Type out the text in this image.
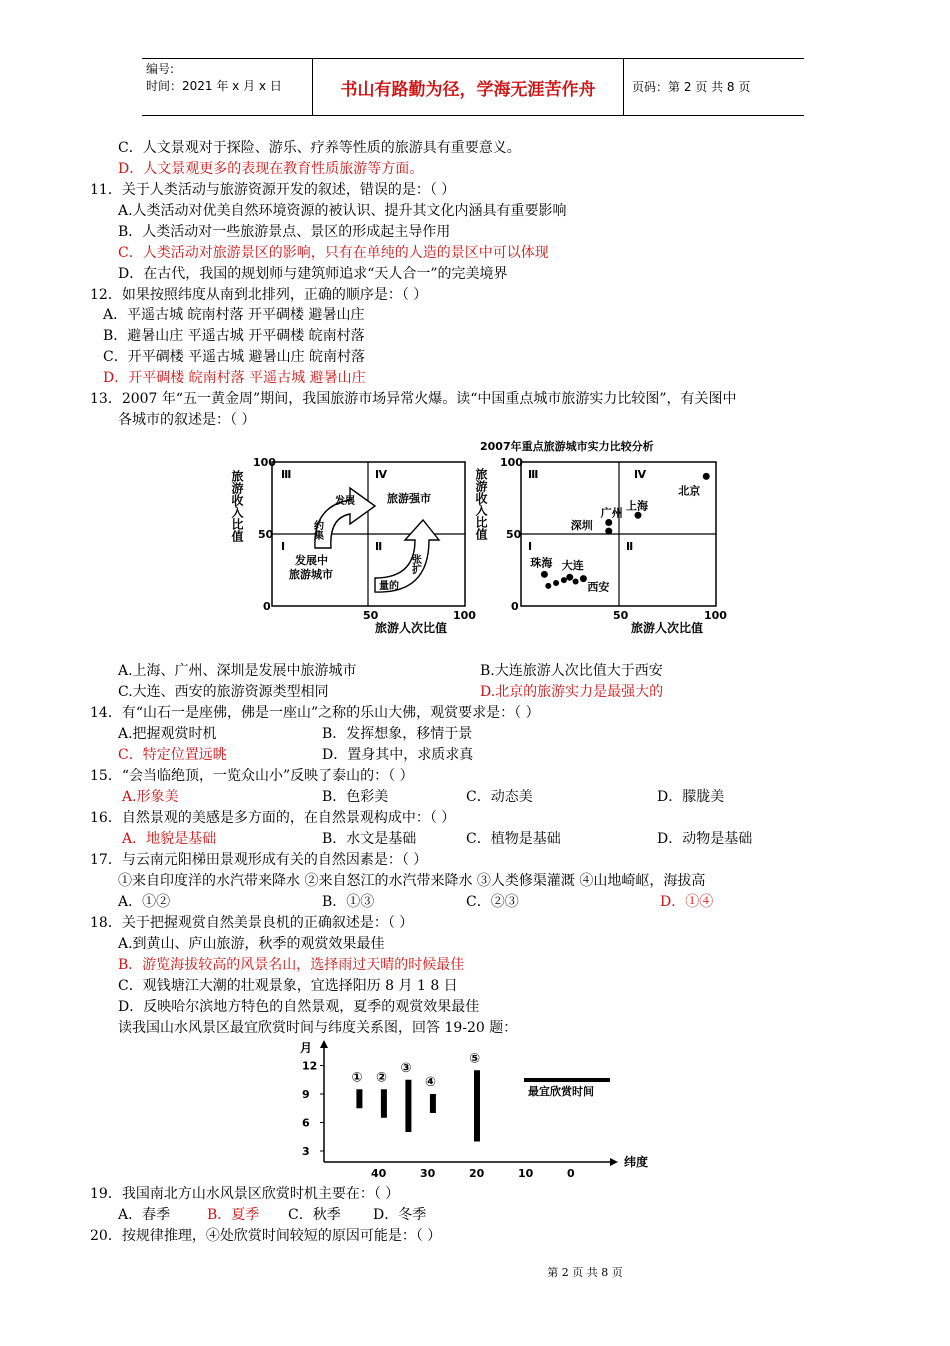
编号:
时间：2021 年 x 月 x 日	书山有路勤为径，学海无涯苦作舟	页码：第 2 页 共 8 页
C．人文景观对于探险、游乐、疗养等性质的旅游具有重要意义。
D．人文景观更多的表现在教育性质旅游等方面。
11．关于人类活动与旅游资源开发的叙述，错误的是：（ ）
A.人类活动对优美自然环境资源的被认识、提升其文化内涵具有重要影响
B．人类活动对一些旅游景点、景区的形成起主导作用
C．人类活动对旅游景区的影响，只有在单纯的人造的景区中可以体现
D．在古代，我国的规划师与建筑师追求“天人合一”的完美境界
12．如果按照纬度从南到北排列，正确的顺序是：（ ）
A．平遥古城 皖南村落 开平碉楼 避暑山庄
B．避暑山庄 平遥古城 开平碉楼 皖南村落
C．开平碉楼 平遥古城 避暑山庄 皖南村落
D．开平碉楼 皖南村落 平遥古城 避暑山庄
13．2007 年“五一黄金周”期间，我国旅游市场异常火爆。读“中国重点城市旅游实力比较图”，有关图中
各城市的叙述是：（ ）
旅游收入比值
100
50
0
50	100
旅游人次比值
Ⅲ	Ⅳ
Ⅰ	Ⅱ
发展中
旅游城市
旅游强市
发展
约集
张扩
量的
2007年重点旅游城市实力比较分析
旅游收入比值
100
50
0
50	100
旅游人次比值
Ⅲ	Ⅳ
Ⅰ	Ⅱ
北京
上海
广州
深圳
珠海 大连
西安
A.上海、广州、深圳是发展中旅游城市	B.大连旅游人次比值大于西安
C.大连、西安的旅游资源类型相同	D.北京的旅游实力是最强大的
14．有“山石一是座佛，佛是一座山”之称的乐山大佛，观赏要求是：（ ）
A.把握观赏时机	B．发挥想象，移情于景
C．特定位置远眺	D．置身其中，求质求真
15．“会当临绝顶，一览众山小”反映了泰山的：（ ）
A.形象美	B．色彩美	C．动态美	D．朦胧美
16．自然景观的美感是多方面的，在自然景观构成中：（ ）
A．地貌是基础	B．水文是基础	C．植物是基础	D．动物是基础
17．与云南元阳梯田景观形成有关的自然因素是：（ ）
①来自印度洋的水汽带来降水 ②来自怒江的水汽带来降水 ③人类修渠灌溉 ④山地崎岖，海拔高
A．①②	B．①③	C．②③	D．①④
18．关于把握观赏自然美景良机的正确叙述是：（ ）
A.到黄山、庐山旅游，秋季的观赏效果最佳
B．游览海拔较高的风景名山，选择雨过天晴的时候最佳
C．观钱塘江大潮的壮观景象，宜选择阳历 8 月 1 8 日
D．反映哈尔滨地方特色的自然景观，夏季的观赏效果最佳
读我国山水风景区最宜欣赏时间与纬度关系图，回答 19-20 题：
月
纬度
12
9
6
3
40	30	20	10	0
① ②
③
④
⑤
最宜欣赏时间
19．我国南北方山水风景区欣赏时机主要在：（ ）
A．春季	B．夏季 C．秋季 D．冬季
20．按规律推理，④处欣赏时间较短的原因可能是：（ ）
第 2 页 共 8 页
